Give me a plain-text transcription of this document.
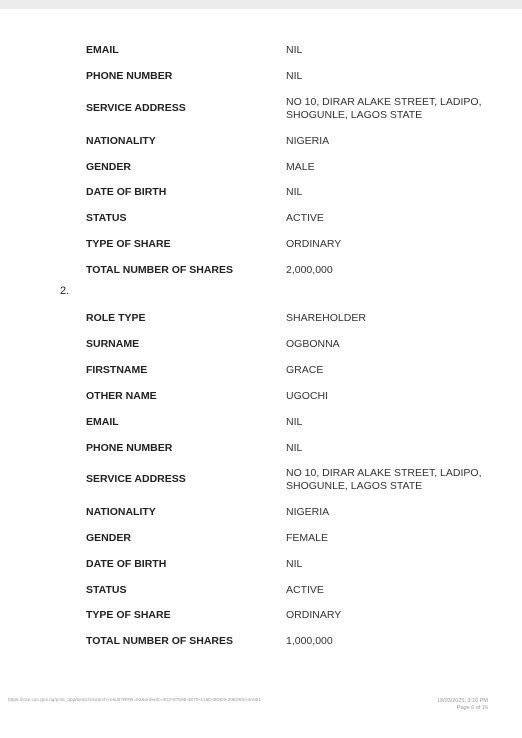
EMAIL	NIL
PHONE NUMBER	NIL
SERVICE ADDRESS	NO 10, DIRAR ALAKE STREET, LADIPO,
SHOGUNLE, LAGOS STATE
NATIONALITY	NIGERIA
GENDER	MALE
DATE OF BIRTH	NIL
STATUS	ACTIVE
TYPE OF SHARE	ORDINARY
TOTAL NUMBER OF SHARES	2,000,000
2.
ROLE TYPE	SHAREHOLDER
SURNAME	OGBONNA
FIRSTNAME	GRACE
OTHER NAME	UGOCHI
EMAIL	NIL
PHONE NUMBER	NIL
SERVICE ADDRESS	NO 10, DIRAR ALAKE STREET, LADIPO,
SHOGUNLE, LAGOS STATE
NATIONALITY	NIGERIA
GENDER	FEMALE
DATE OF BIRTH	NIL
STATUS	ACTIVE
TYPE OF SHARE	ORDINARY
TOTAL NUMBER OF SHARES	1,000,000
https://icrp.cac.gov.ng/post_app/search/search-result?RRR=93&orderID=ECF87596-3070-415D-BDD9-20E093A4A551	18/03/2025, 3:16 PM
Page 6 of 16
